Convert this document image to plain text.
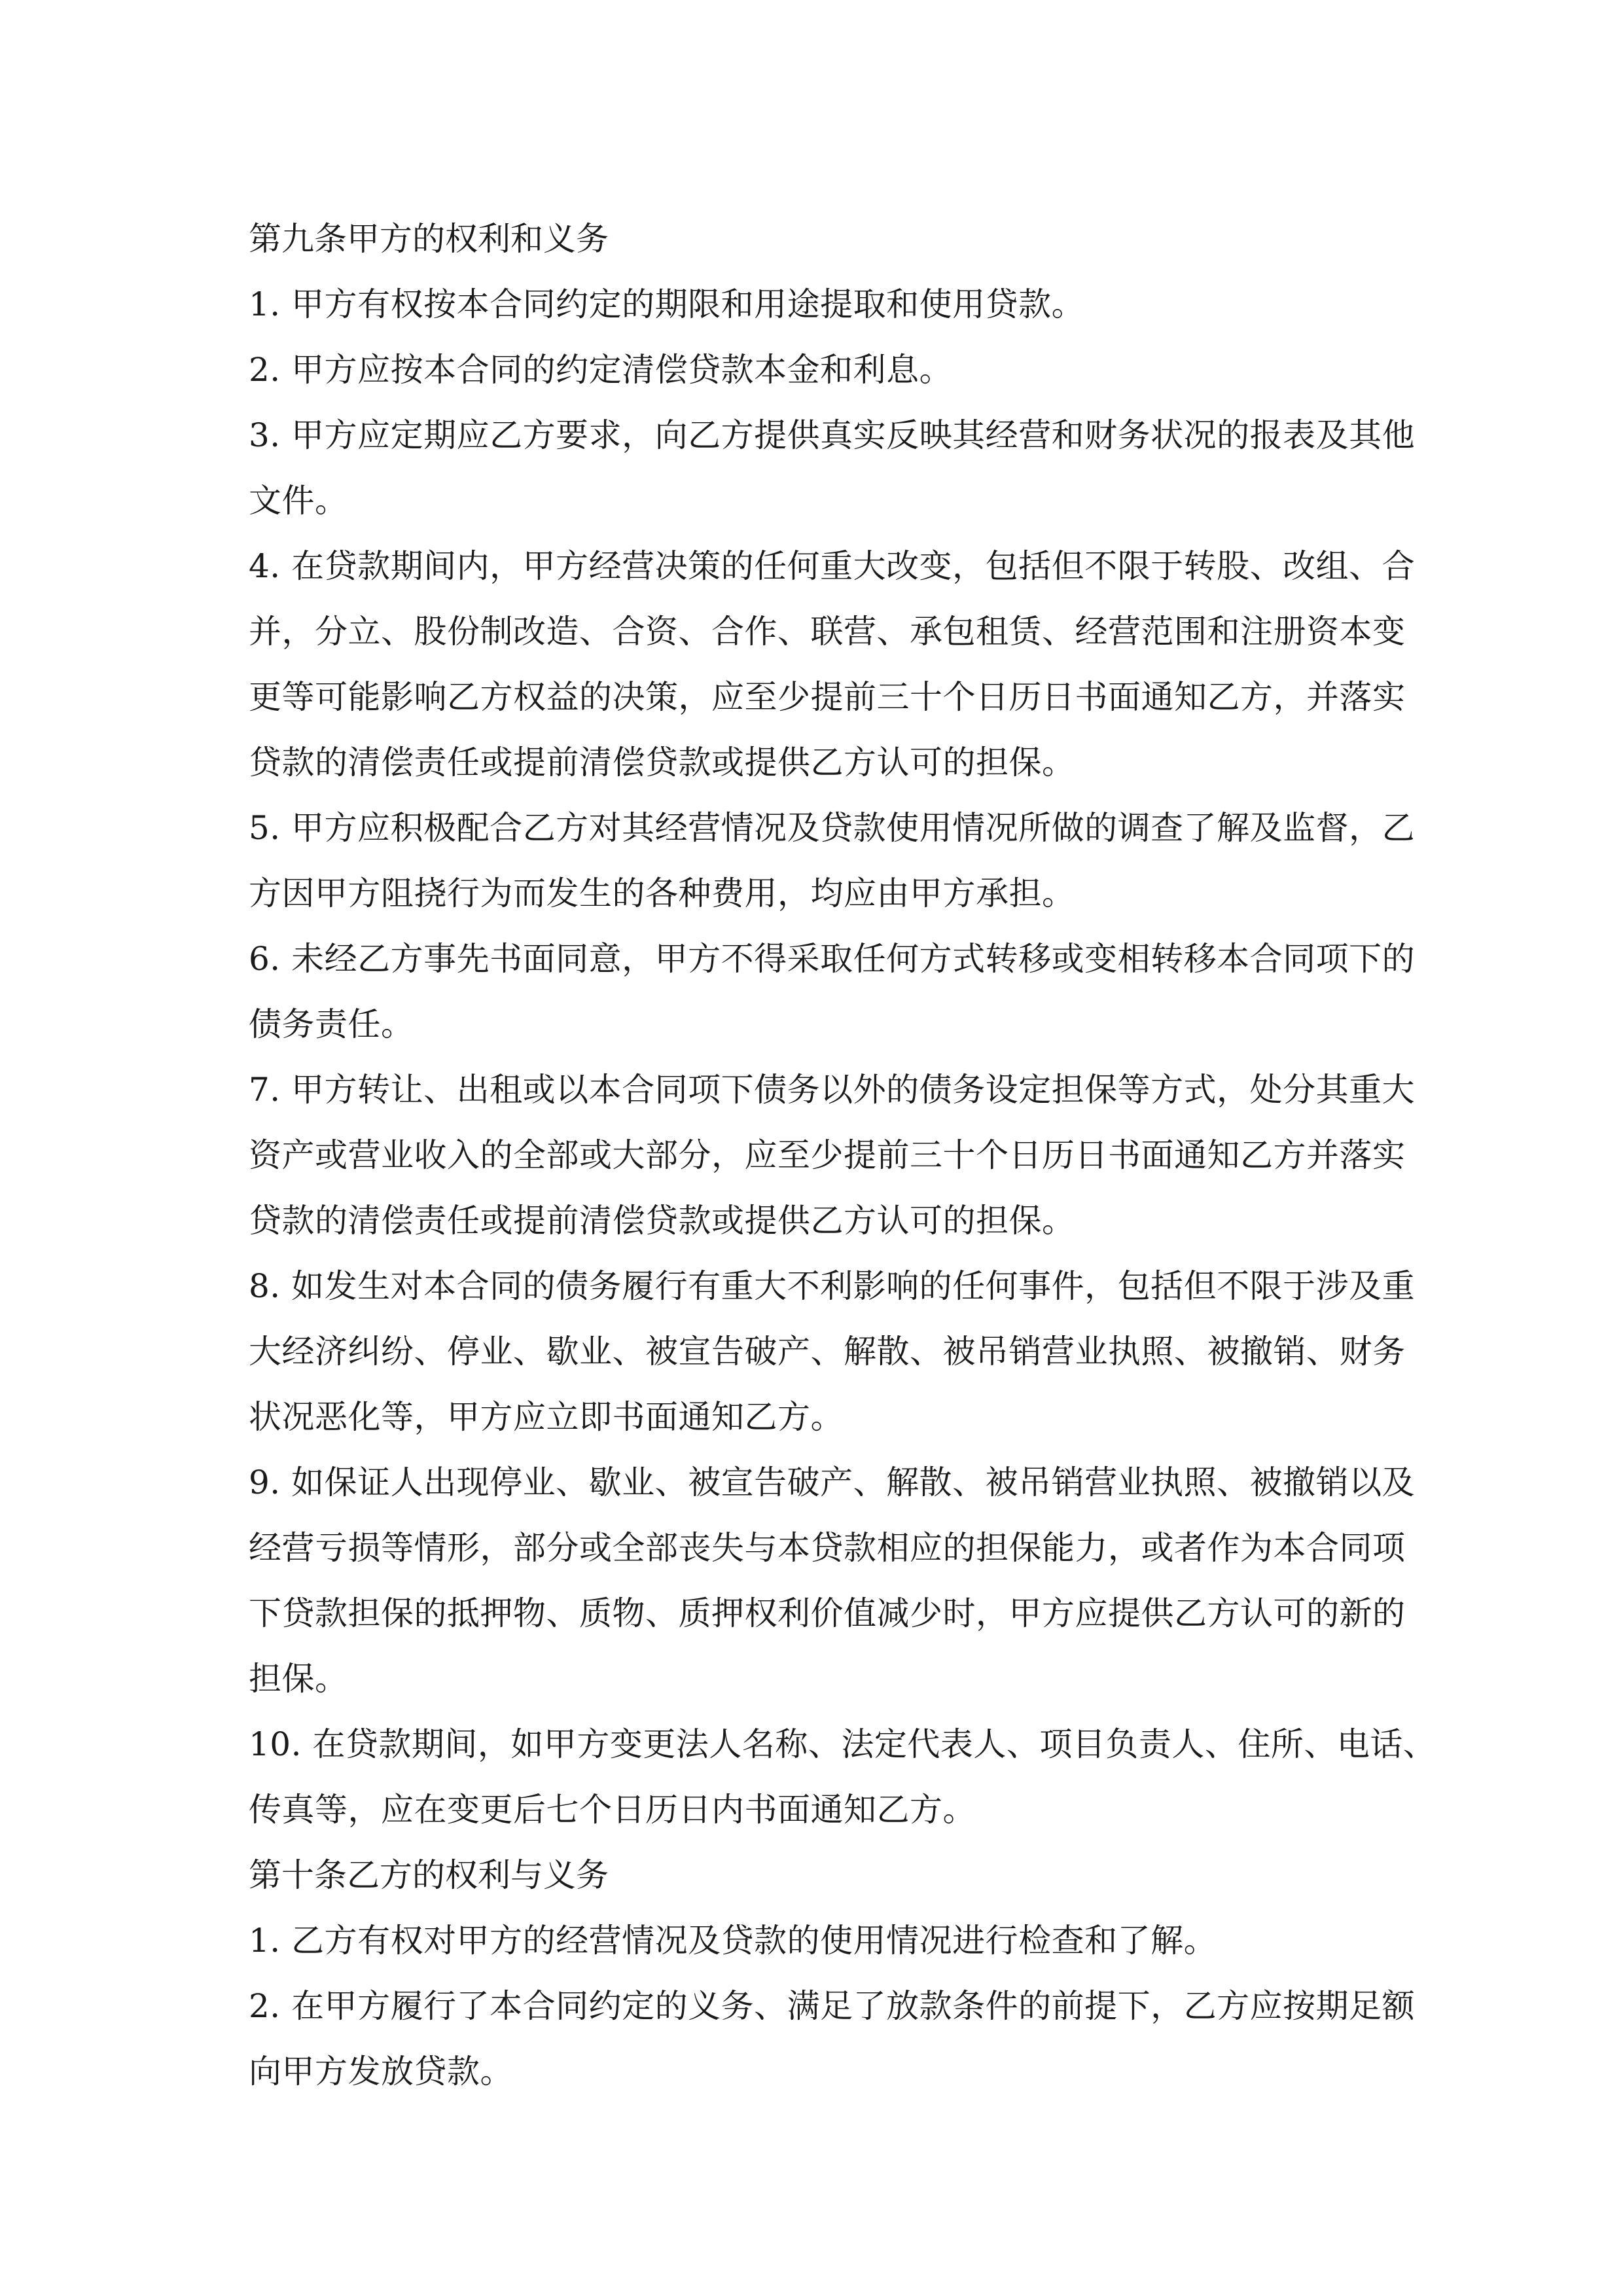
第九条甲方的权利和义务
1. 甲方有权按本合同约定的期限和用途提取和使用贷款。
2. 甲方应按本合同的约定清偿贷款本金和利息。
3. 甲方应定期应乙方要求，向乙方提供真实反映其经营和财务状况的报表及其他
文件。
4. 在贷款期间内，甲方经营决策的任何重大改变，包括但不限于转股、改组、合
并，分立、股份制改造、合资、合作、联营、承包租赁、经营范围和注册资本变
更等可能影响乙方权益的决策，应至少提前三十个日历日书面通知乙方，并落实
贷款的清偿责任或提前清偿贷款或提供乙方认可的担保。
5. 甲方应积极配合乙方对其经营情况及贷款使用情况所做的调查了解及监督，乙
方因甲方阻挠行为而发生的各种费用，均应由甲方承担。
6. 未经乙方事先书面同意，甲方不得采取任何方式转移或变相转移本合同项下的
债务责任。
7. 甲方转让、出租或以本合同项下债务以外的债务设定担保等方式，处分其重大
资产或营业收入的全部或大部分，应至少提前三十个日历日书面通知乙方并落实
贷款的清偿责任或提前清偿贷款或提供乙方认可的担保。
8. 如发生对本合同的债务履行有重大不利影响的任何事件，包括但不限于涉及重
大经济纠纷、停业、歇业、被宣告破产、解散、被吊销营业执照、被撤销、财务
状况恶化等，甲方应立即书面通知乙方。
9. 如保证人出现停业、歇业、被宣告破产、解散、被吊销营业执照、被撤销以及
经营亏损等情形，部分或全部丧失与本贷款相应的担保能力，或者作为本合同项
下贷款担保的抵押物、质物、质押权利价值减少时，甲方应提供乙方认可的新的
担保。
10. 在贷款期间，如甲方变更法人名称、法定代表人、项目负责人、住所、电话、
传真等，应在变更后七个日历日内书面通知乙方。
第十条乙方的权利与义务
1. 乙方有权对甲方的经营情况及贷款的使用情况进行检查和了解。
2. 在甲方履行了本合同约定的义务、满足了放款条件的前提下，乙方应按期足额
向甲方发放贷款。
